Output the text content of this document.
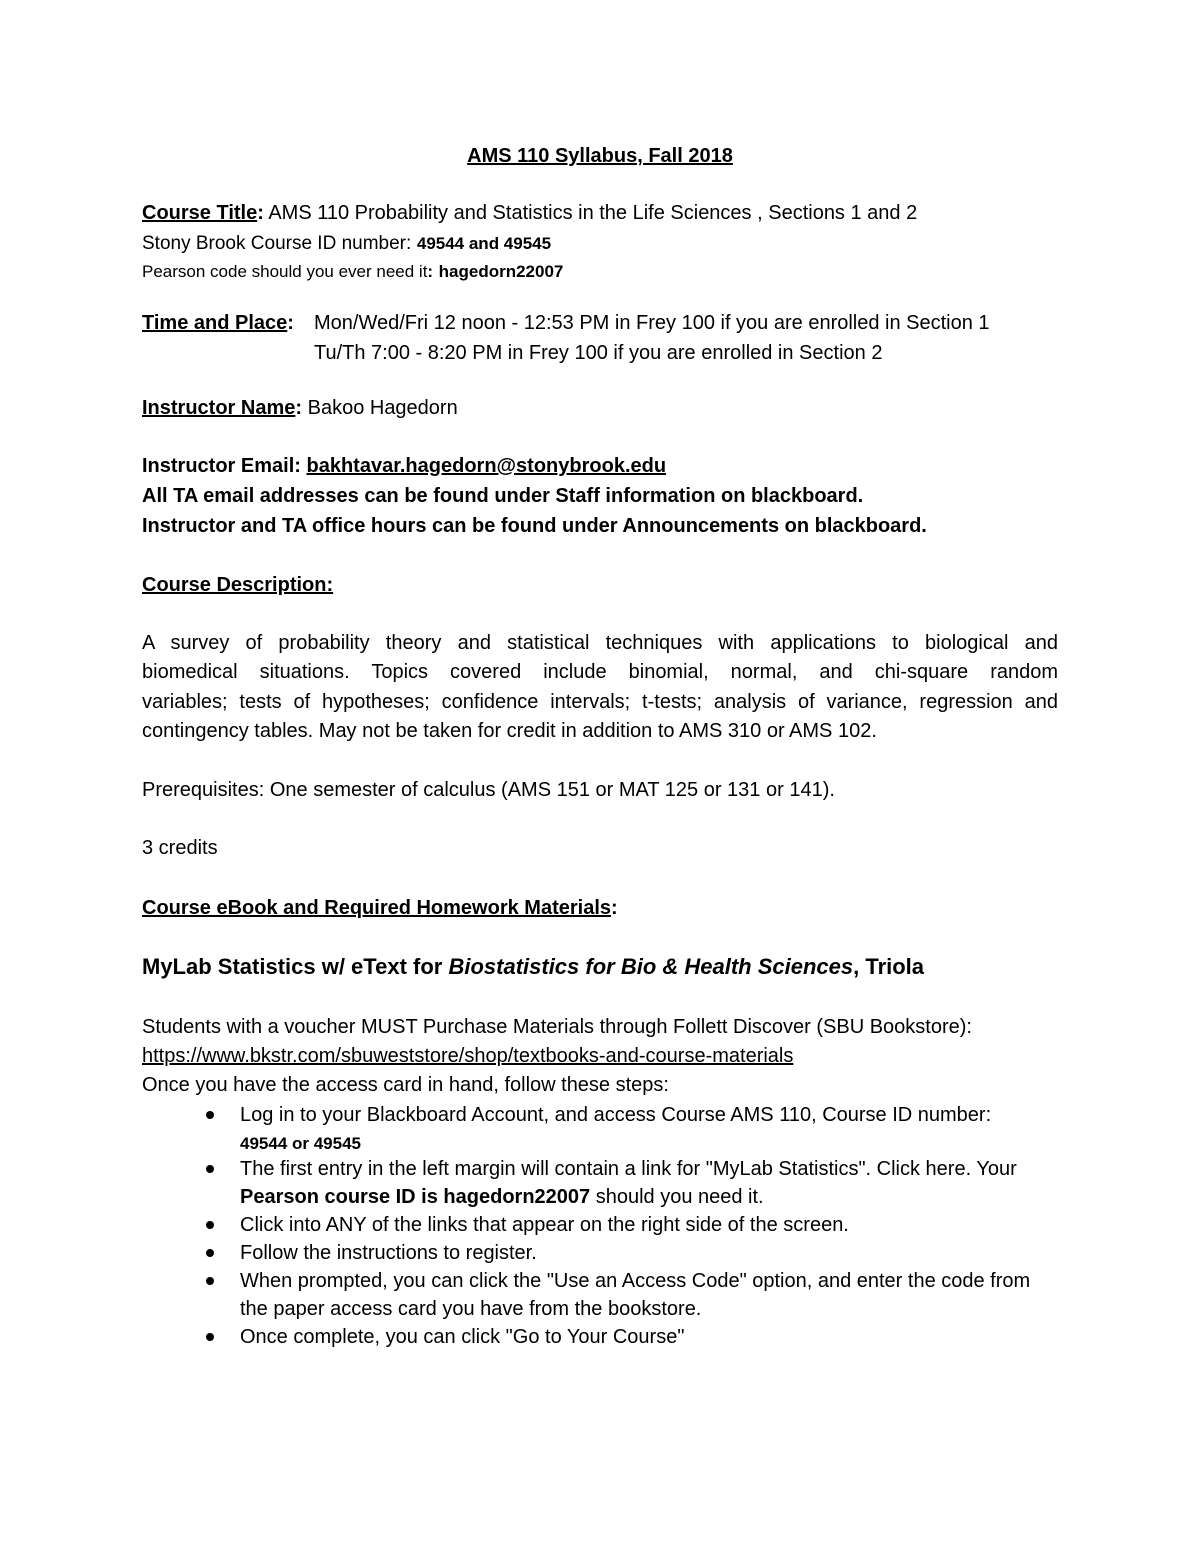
AMS 110 Syllabus, Fall 2018
Course Title: AMS 110 Probability and Statistics in the Life Sciences , Sections 1 and 2
Stony Brook Course ID number: 49544 and 49545
Pearson code should you ever need it: hagedorn22007
Time and Place: Mon/Wed/Fri 12 noon - 12:53 PM in Frey 100 if you are enrolled in Section 1
Tu/Th 7:00 - 8:20 PM in Frey 100 if you are enrolled in Section 2
Instructor Name: Bakoo Hagedorn
Instructor Email: bakhtavar.hagedorn@stonybrook.edu
All TA email addresses can be found under Staff information on blackboard.
Instructor and TA office hours can be found under Announcements on blackboard.
Course Description:
A survey of probability theory and statistical techniques with applications to biological and
biomedical situations. Topics covered include binomial, normal, and chi-square random
variables; tests of hypotheses; confidence intervals; t-tests; analysis of variance, regression and
contingency tables. May not be taken for credit in addition to AMS 310 or AMS 102.
Prerequisites: One semester of calculus (AMS 151 or MAT 125 or 131 or 141).
3 credits
Course eBook and Required Homework Materials:
MyLab Statistics w/ eText for Biostatistics for Bio & Health Sciences, Triola
Students with a voucher MUST Purchase Materials through Follett Discover (SBU Bookstore):
https://www.bkstr.com/sbuweststore/shop/textbooks-and-course-materials
Once you have the access card in hand, follow these steps:
Log in to your Blackboard Account, and access Course AMS 110, Course ID number:
49544 or 49545
The first entry in the left margin will contain a link for "MyLab Statistics". Click here. Your
Pearson course ID is hagedorn22007 should you need it.
Click into ANY of the links that appear on the right side of the screen.
Follow the instructions to register.
When prompted, you can click the "Use an Access Code" option, and enter the code from
the paper access card you have from the bookstore.
Once complete, you can click "Go to Your Course"
